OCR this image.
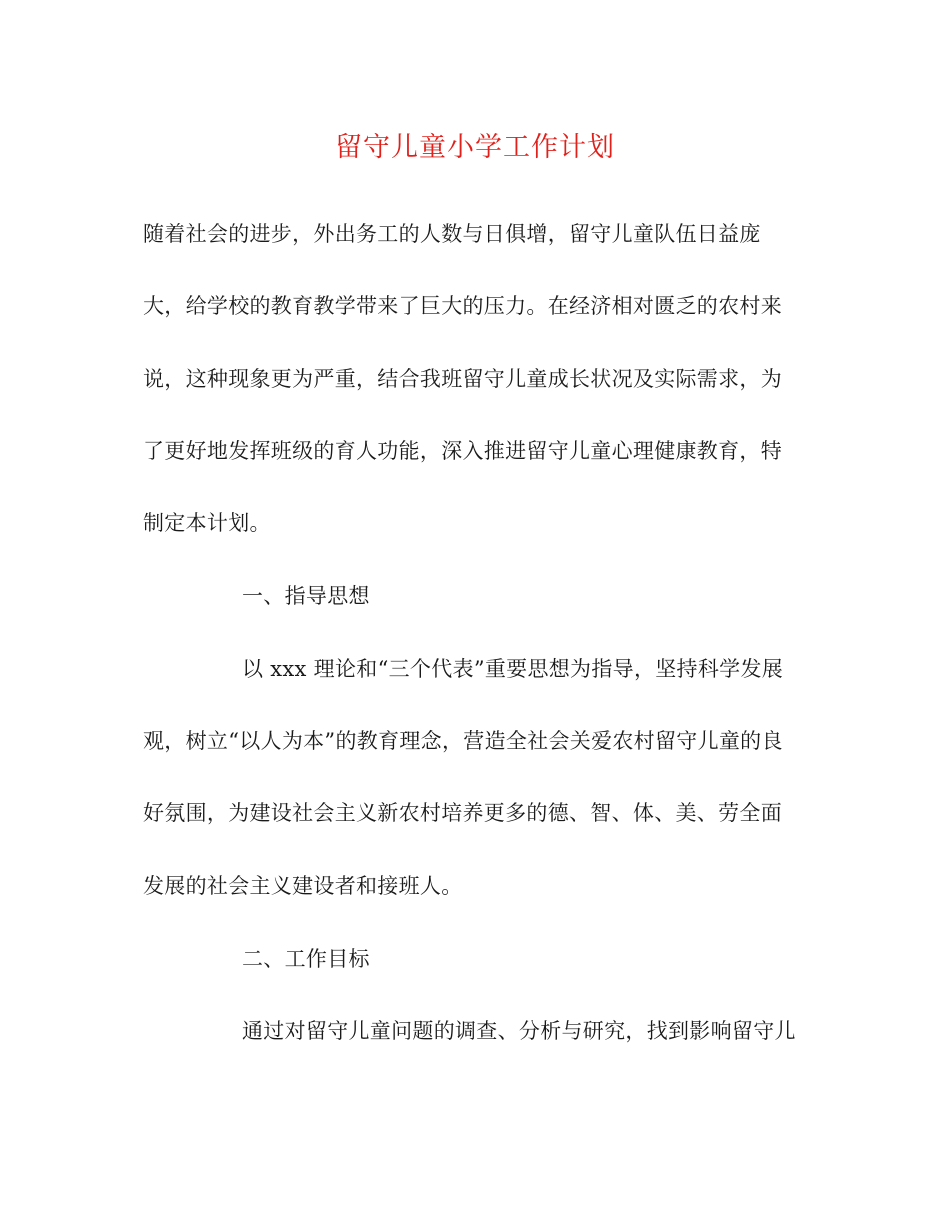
留守儿童小学工作计划
随着社会的进步，外出务工的人数与日俱增，留守儿童队伍日益庞
大，给学校的教育教学带来了巨大的压力。在经济相对匮乏的农村来
说，这种现象更为严重，结合我班留守儿童成长状况及实际需求，为
了更好地发挥班级的育人功能，深入推进留守儿童心理健康教育，特
制定本计划。
一、指导思想
以 xxx 理论和“三个代表”重要思想为指导，坚持科学发展
观，树立“以人为本”的教育理念，营造全社会关爱农村留守儿童的良
好氛围，为建设社会主义新农村培养更多的德、智、体、美、劳全面
发展的社会主义建设者和接班人。
二、工作目标
通过对留守儿童问题的调查、分析与研究，找到影响留守儿
